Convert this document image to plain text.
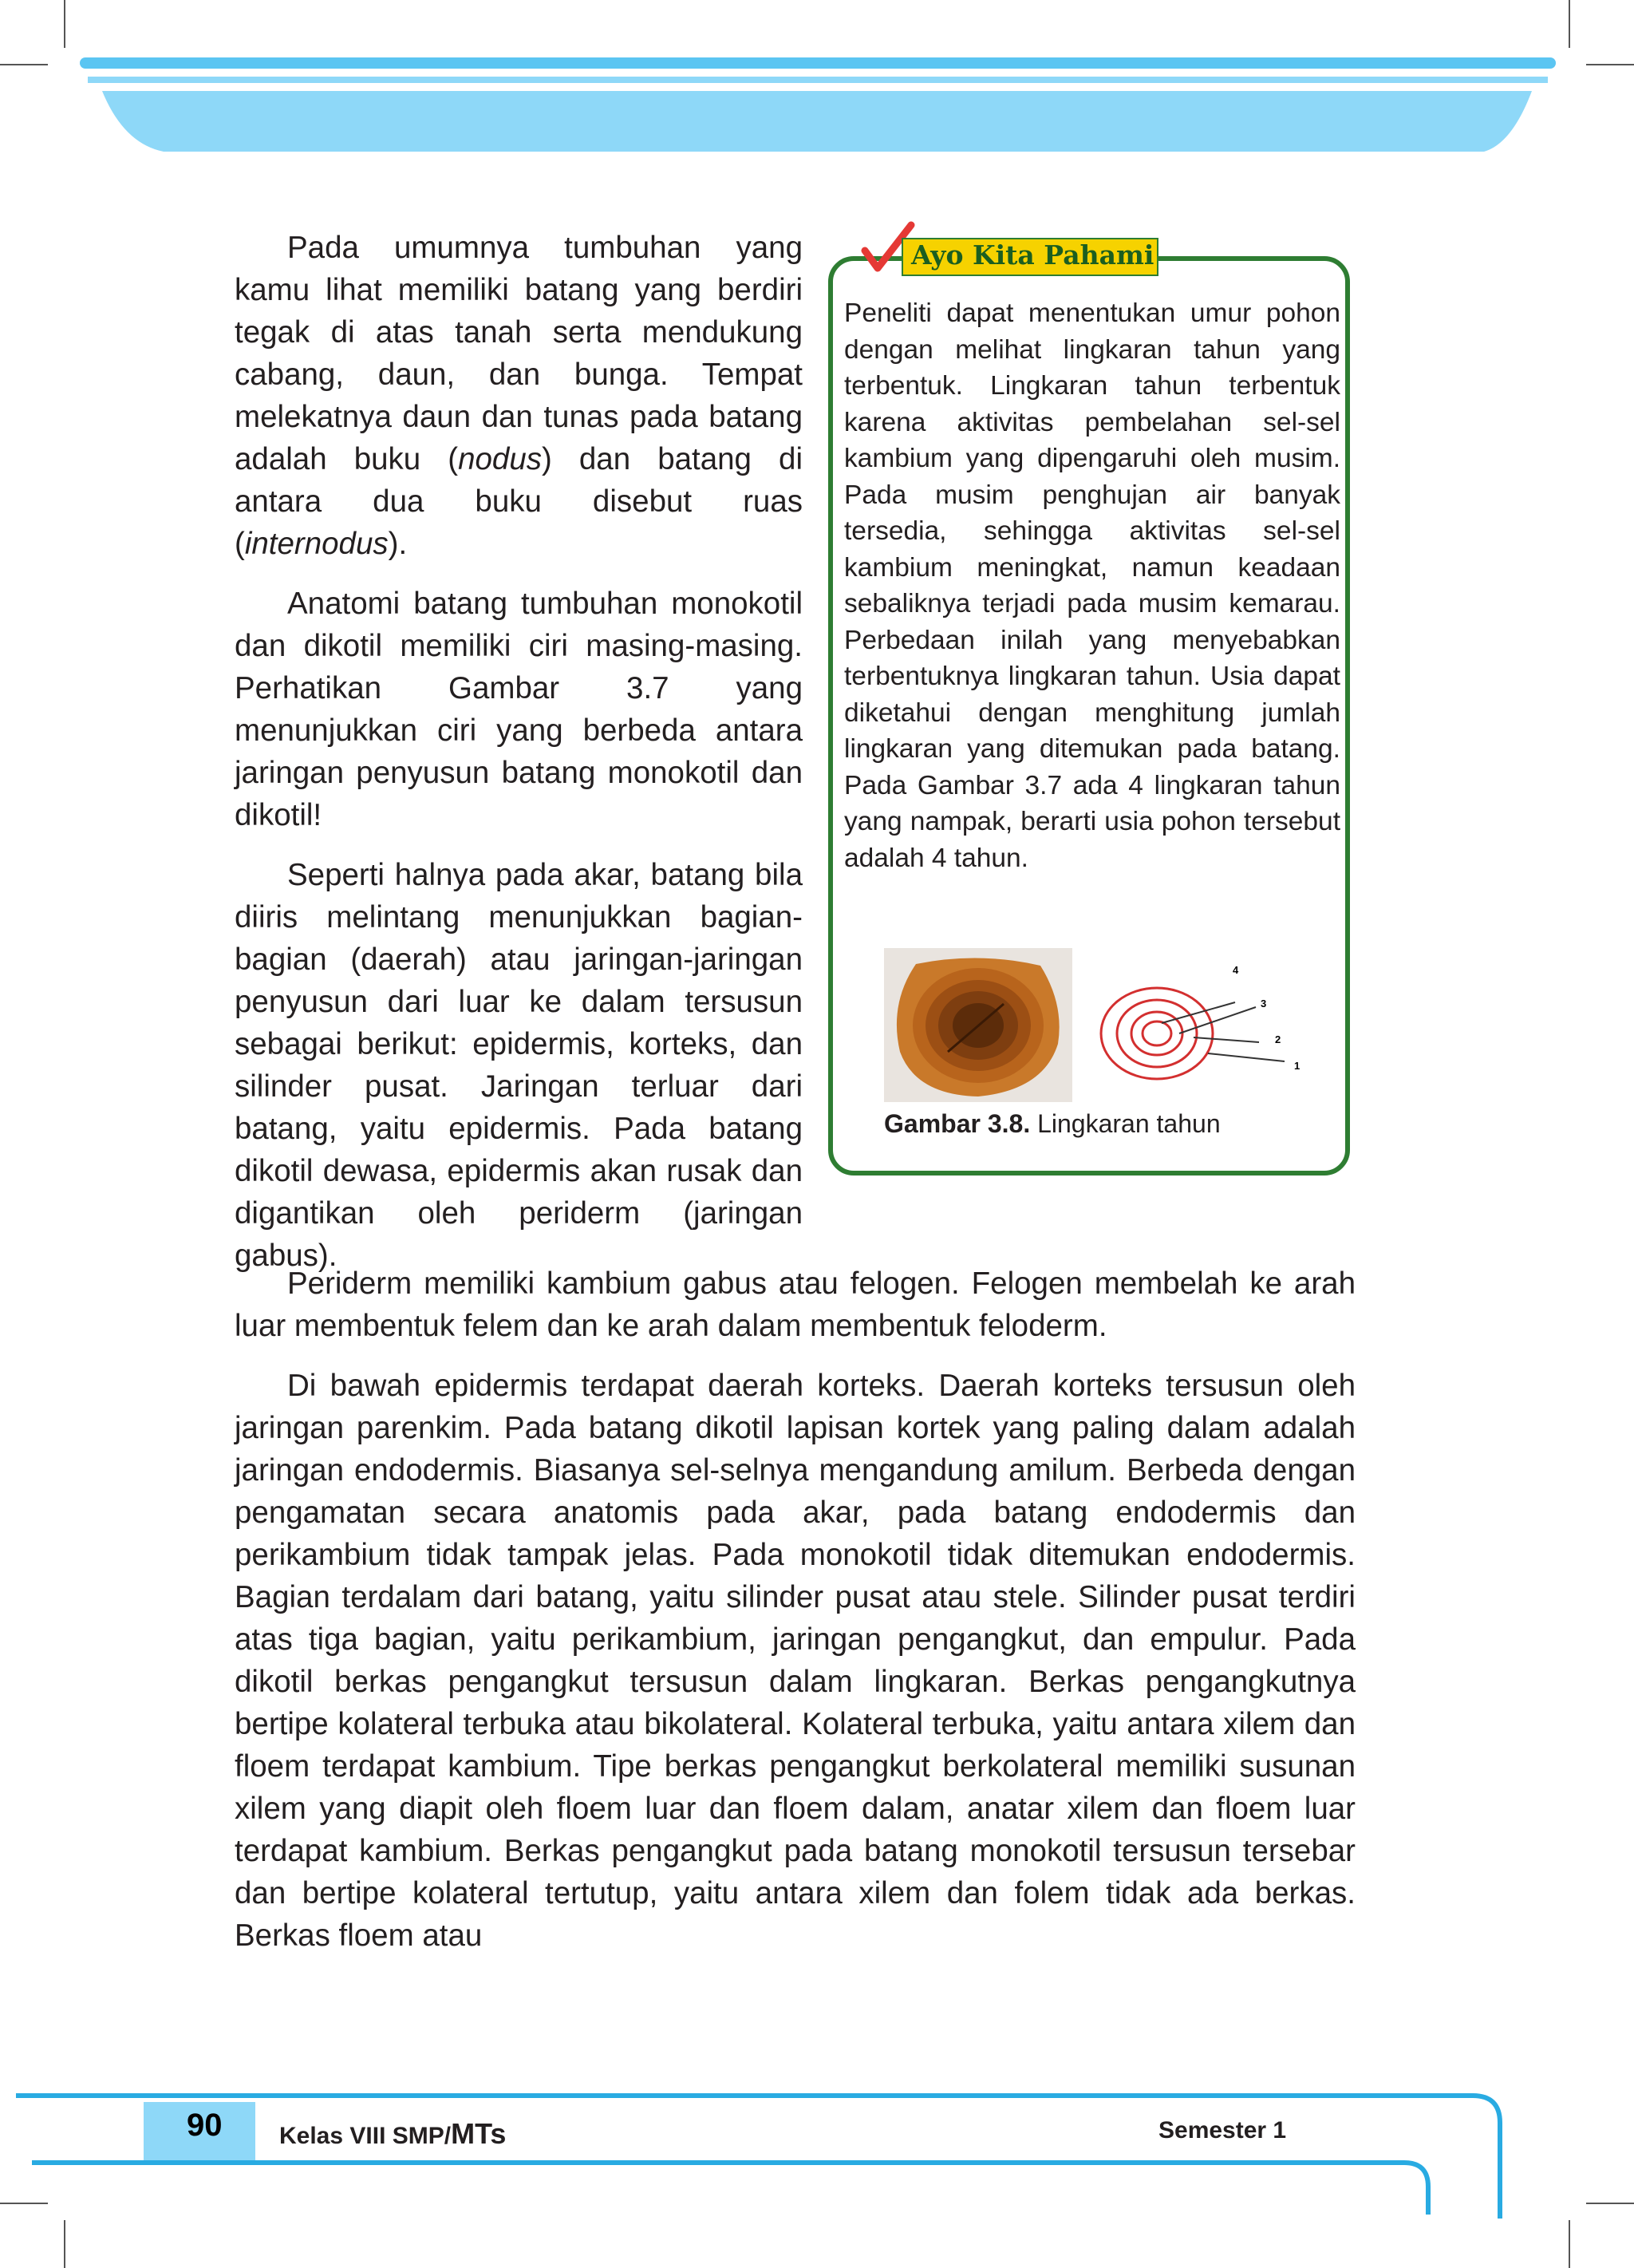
Pada umumnya tumbuhan yang kamu lihat memiliki batang yang berdiri tegak di atas tanah serta mendukung cabang, daun, dan bunga. Tempat melekatnya daun dan tunas pada batang adalah buku (nodus) dan batang di antara dua buku disebut ruas (internodus).

Anatomi batang tumbuhan monokotil dan dikotil memiliki ciri masing-masing. Perhatikan Gambar 3.7 yang menunjukkan ciri yang berbeda antara jaringan penyusun batang monokotil dan dikotil!

Seperti halnya pada akar, batang bila diiris melintang menunjukkan bagian-bagian (daerah) atau jaringan-jaringan penyusun dari luar ke dalam tersusun sebagai berikut: epidermis, korteks, dan silinder pusat. Jaringan terluar dari batang, yaitu epidermis. Pada batang dikotil dewasa, epidermis akan rusak dan digantikan oleh periderm (jaringan gabus).

Ayo Kita Pahami
Peneliti dapat menentukan umur pohon dengan melihat lingkaran tahun yang terbentuk. Lingkaran tahun terbentuk karena aktivitas pembelahan sel-sel kambium yang dipengaruhi oleh musim. Pada musim penghujan air banyak tersedia, sehingga aktivitas sel-sel kambium meningkat, namun keadaan sebaliknya terjadi pada musim kemarau. Perbedaan inilah yang menyebabkan terbentuknya lingkaran tahun. Usia dapat diketahui dengan menghitung jumlah lingkaran yang ditemukan pada batang. Pada Gambar 3.7 ada 4 lingkaran tahun yang nampak, berarti usia pohon tersebut adalah 4 tahun.
4
3
2
1
Gambar 3.8. Lingkaran tahun

Periderm memiliki kambium gabus atau felogen. Felogen membelah ke arah luar membentuk felem dan ke arah dalam membentuk feloderm.

Di bawah epidermis terdapat daerah korteks. Daerah korteks tersusun oleh jaringan parenkim. Pada batang dikotil lapisan kortek yang paling dalam adalah jaringan endodermis. Biasanya sel-selnya mengandung amilum. Berbeda dengan pengamatan secara anatomis pada akar, pada batang endodermis dan perikambium tidak tampak jelas. Pada monokotil tidak ditemukan endodermis. Bagian terdalam dari batang, yaitu silinder pusat atau stele. Silinder pusat terdiri atas tiga bagian, yaitu perikambium, jaringan pengangkut, dan empulur. Pada dikotil berkas pengangkut tersusun dalam lingkaran. Berkas pengangkutnya bertipe kolateral terbuka atau bikolateral. Kolateral terbuka, yaitu antara xilem dan floem terdapat kambium. Tipe berkas pengangkut berkolateral memiliki susunan xilem yang diapit oleh floem luar dan floem dalam, anatar xilem dan floem luar terdapat kambium. Berkas pengangkut pada batang monokotil tersusun tersebar dan bertipe kolateral tertutup, yaitu antara xilem dan folem tidak ada berkas. Berkas floem atau

90 Kelas VIII SMP/MTs	Semester 1
